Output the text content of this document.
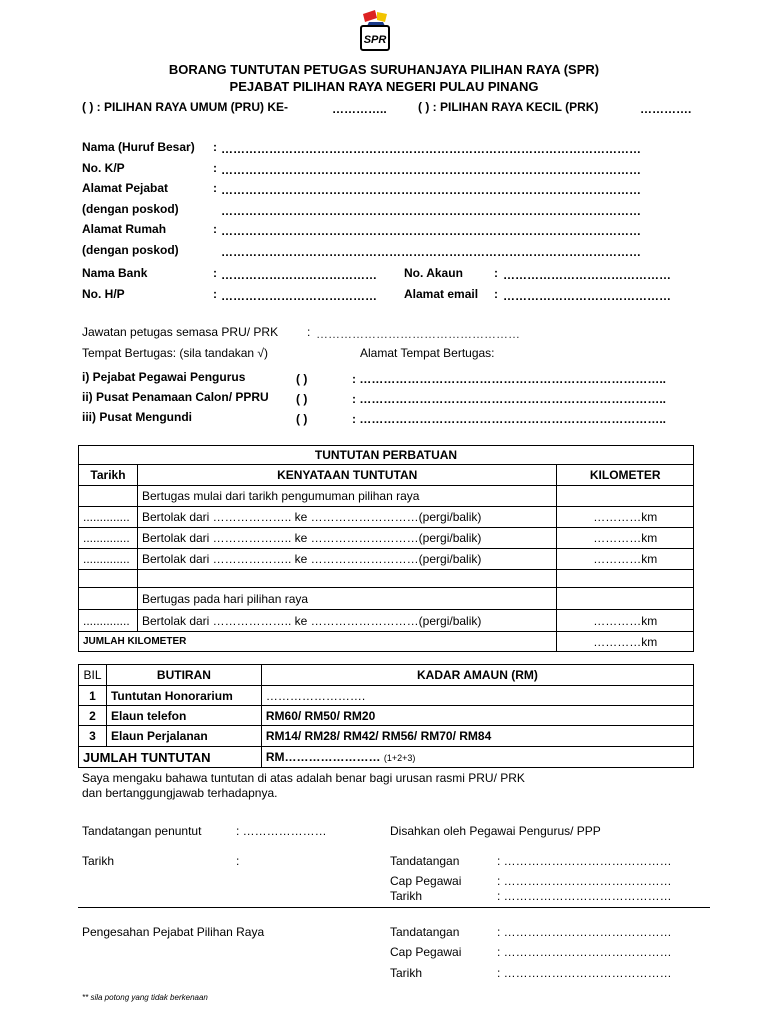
SPR
BORANG TUNTUTAN PETUGAS SURUHANJAYA PILIHAN RAYA (SPR)
PEJABAT PILIHAN RAYA NEGERI PULAU PINANG
( ) : PILIHAN RAYA UMUM (PRU) KE-	…………..	( ) : PILIHAN RAYA KECIL (PRK)	………….
Nama (Huruf Besar) : ……………………………………………………………………………………………
No. K/P	: ……………………………………………………………………………………………
Alamat Pejabat	: ……………………………………………………………………………………………
(dengan poskod)	……………………………………………………………………………………………
Alamat Rumah	: ……………………………………………………………………………………………
(dengan poskod)	……………………………………………………………………………………………
Nama Bank	: ………………………………… No. Akaun	: ……………………………………
No. H/P	: ………………………………… Alamat email : ……………………………………
Jawatan petugas semasa PRU/ PRK : ……………………………………………
Tempat Bertugas: (sila tandakan √)	Alamat Tempat Bertugas:
i) Pejabat Pegawai Pengurus	( )	: …………………………………………………………………..
ii) Pusat Penamaan Calon/ PPRU ( )	: …………………………………………………………………..
iii) Pusat Mengundi	( )	: …………………………………………………………………..
TUNTUTAN PERBATUAN		
Tarikh	KENYATAAN TUNTUTAN	KILOMETER
	Bertugas mulai dari tarikh pengumuman pilihan raya	
..............	Bertolak dari ……………….. ke ………………………(pergi/balik)	…………km
..............	Bertolak dari ……………….. ke ………………………(pergi/balik)	…………km
..............	Bertolak dari ……………….. ke ………………………(pergi/balik)	…………km

	Bertugas pada hari pilihan raya	
..............	Bertolak dari ……………….. ke ………………………(pergi/balik)	…………km
JUMLAH KILOMETER		…………km
BIL	BUTIRAN	KADAR AMAUN (RM)
1	Tuntutan Honorarium	…………………….
2	Elaun telefon	RM60/ RM50/ RM20
3	Elaun Perjalanan	RM14/ RM28/ RM42/ RM56/ RM70/ RM84
JUMLAH TUNTUTAN		RM…………………… (1+2+3)
Saya mengaku bahawa tuntutan di atas adalah benar bagi urusan rasmi PRU/ PRK
dan bertanggungjawab terhadapnya.
Tandatangan penuntut	: …………………	Disahkan oleh Pegawai Pengurus/ PPP
Tarikh	:	Tandatangan	: ……………………………………
Cap Pegawai	: ……………………………………
Tarikh	: ……………………………………
Pengesahan Pejabat Pilihan Raya	Tandatangan	: ……………………………………
Cap Pegawai	: ……………………………………
Tarikh	: ……………………………………
** sila potong yang tidak berkenaan
